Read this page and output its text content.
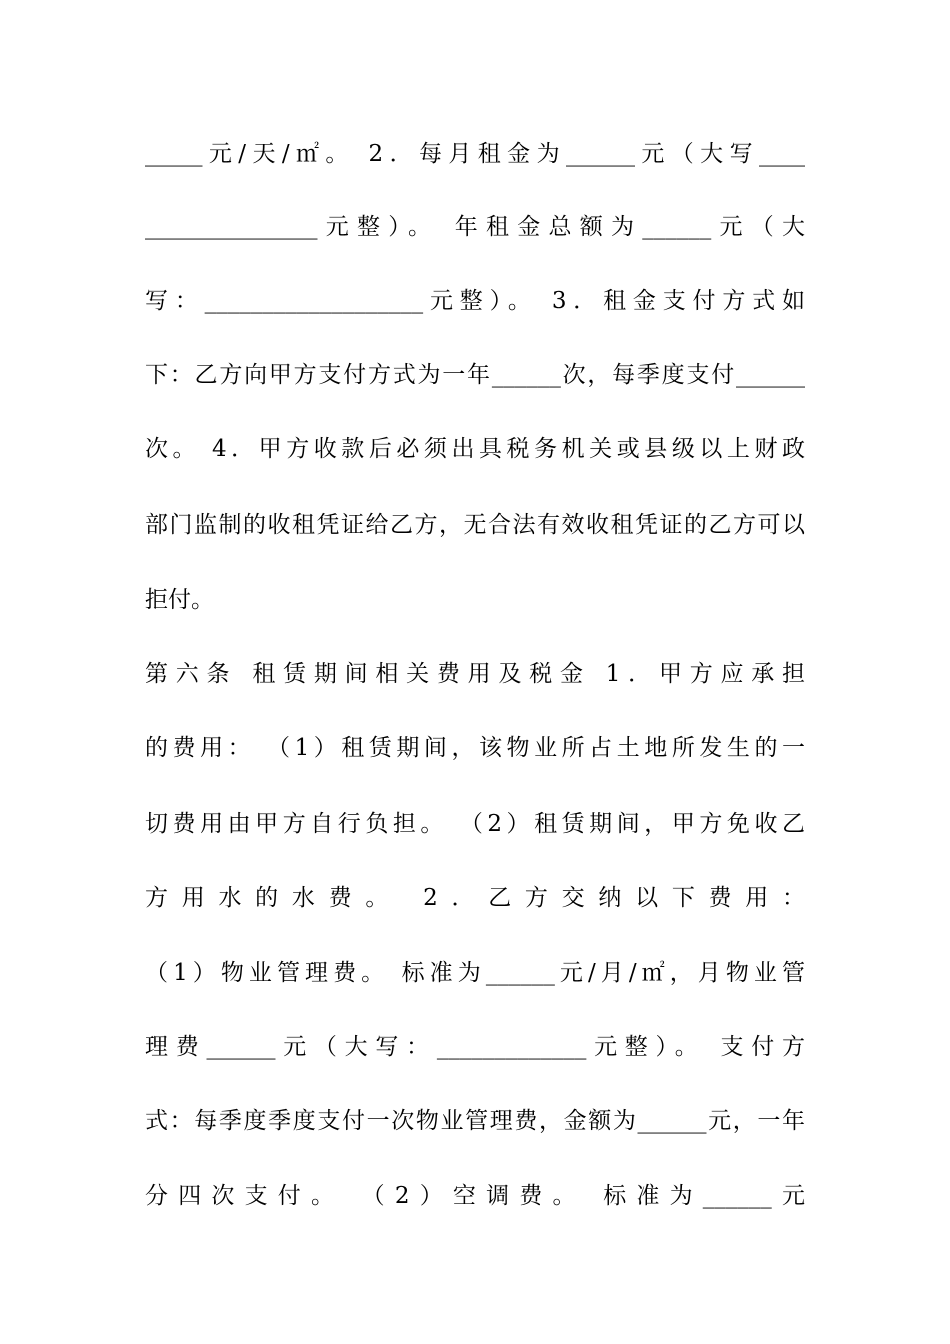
_____元/天/㎡。 2．每月租金为______元（大写____
_______________元整）。 年租金总额为______元（大
写：___________________元整）。 3．租金支付方式如
下：乙方向甲方支付方式为一年______次，每季度支付______
次。 4．甲方收款后必须出具税务机关或县级以上财政
部门监制的收租凭证给乙方，无合法有效收租凭证的乙方可以
拒付。
第六条 租赁期间相关费用及税金 1．甲方应承担
的费用： （1）租赁期间，该物业所占土地所发生的一
切费用由甲方自行负担。 （2）租赁期间，甲方免收乙
方用水的水费。 2．乙方交纳以下费用：
（1）物业管理费。 标准为______元/月/㎡，月物业管
理费______元（大写：_____________元整）。 支付方
式：每季度季度支付一次物业管理费，金额为______元，一年
分四次支付。 （2）空调费。 标准为______元
